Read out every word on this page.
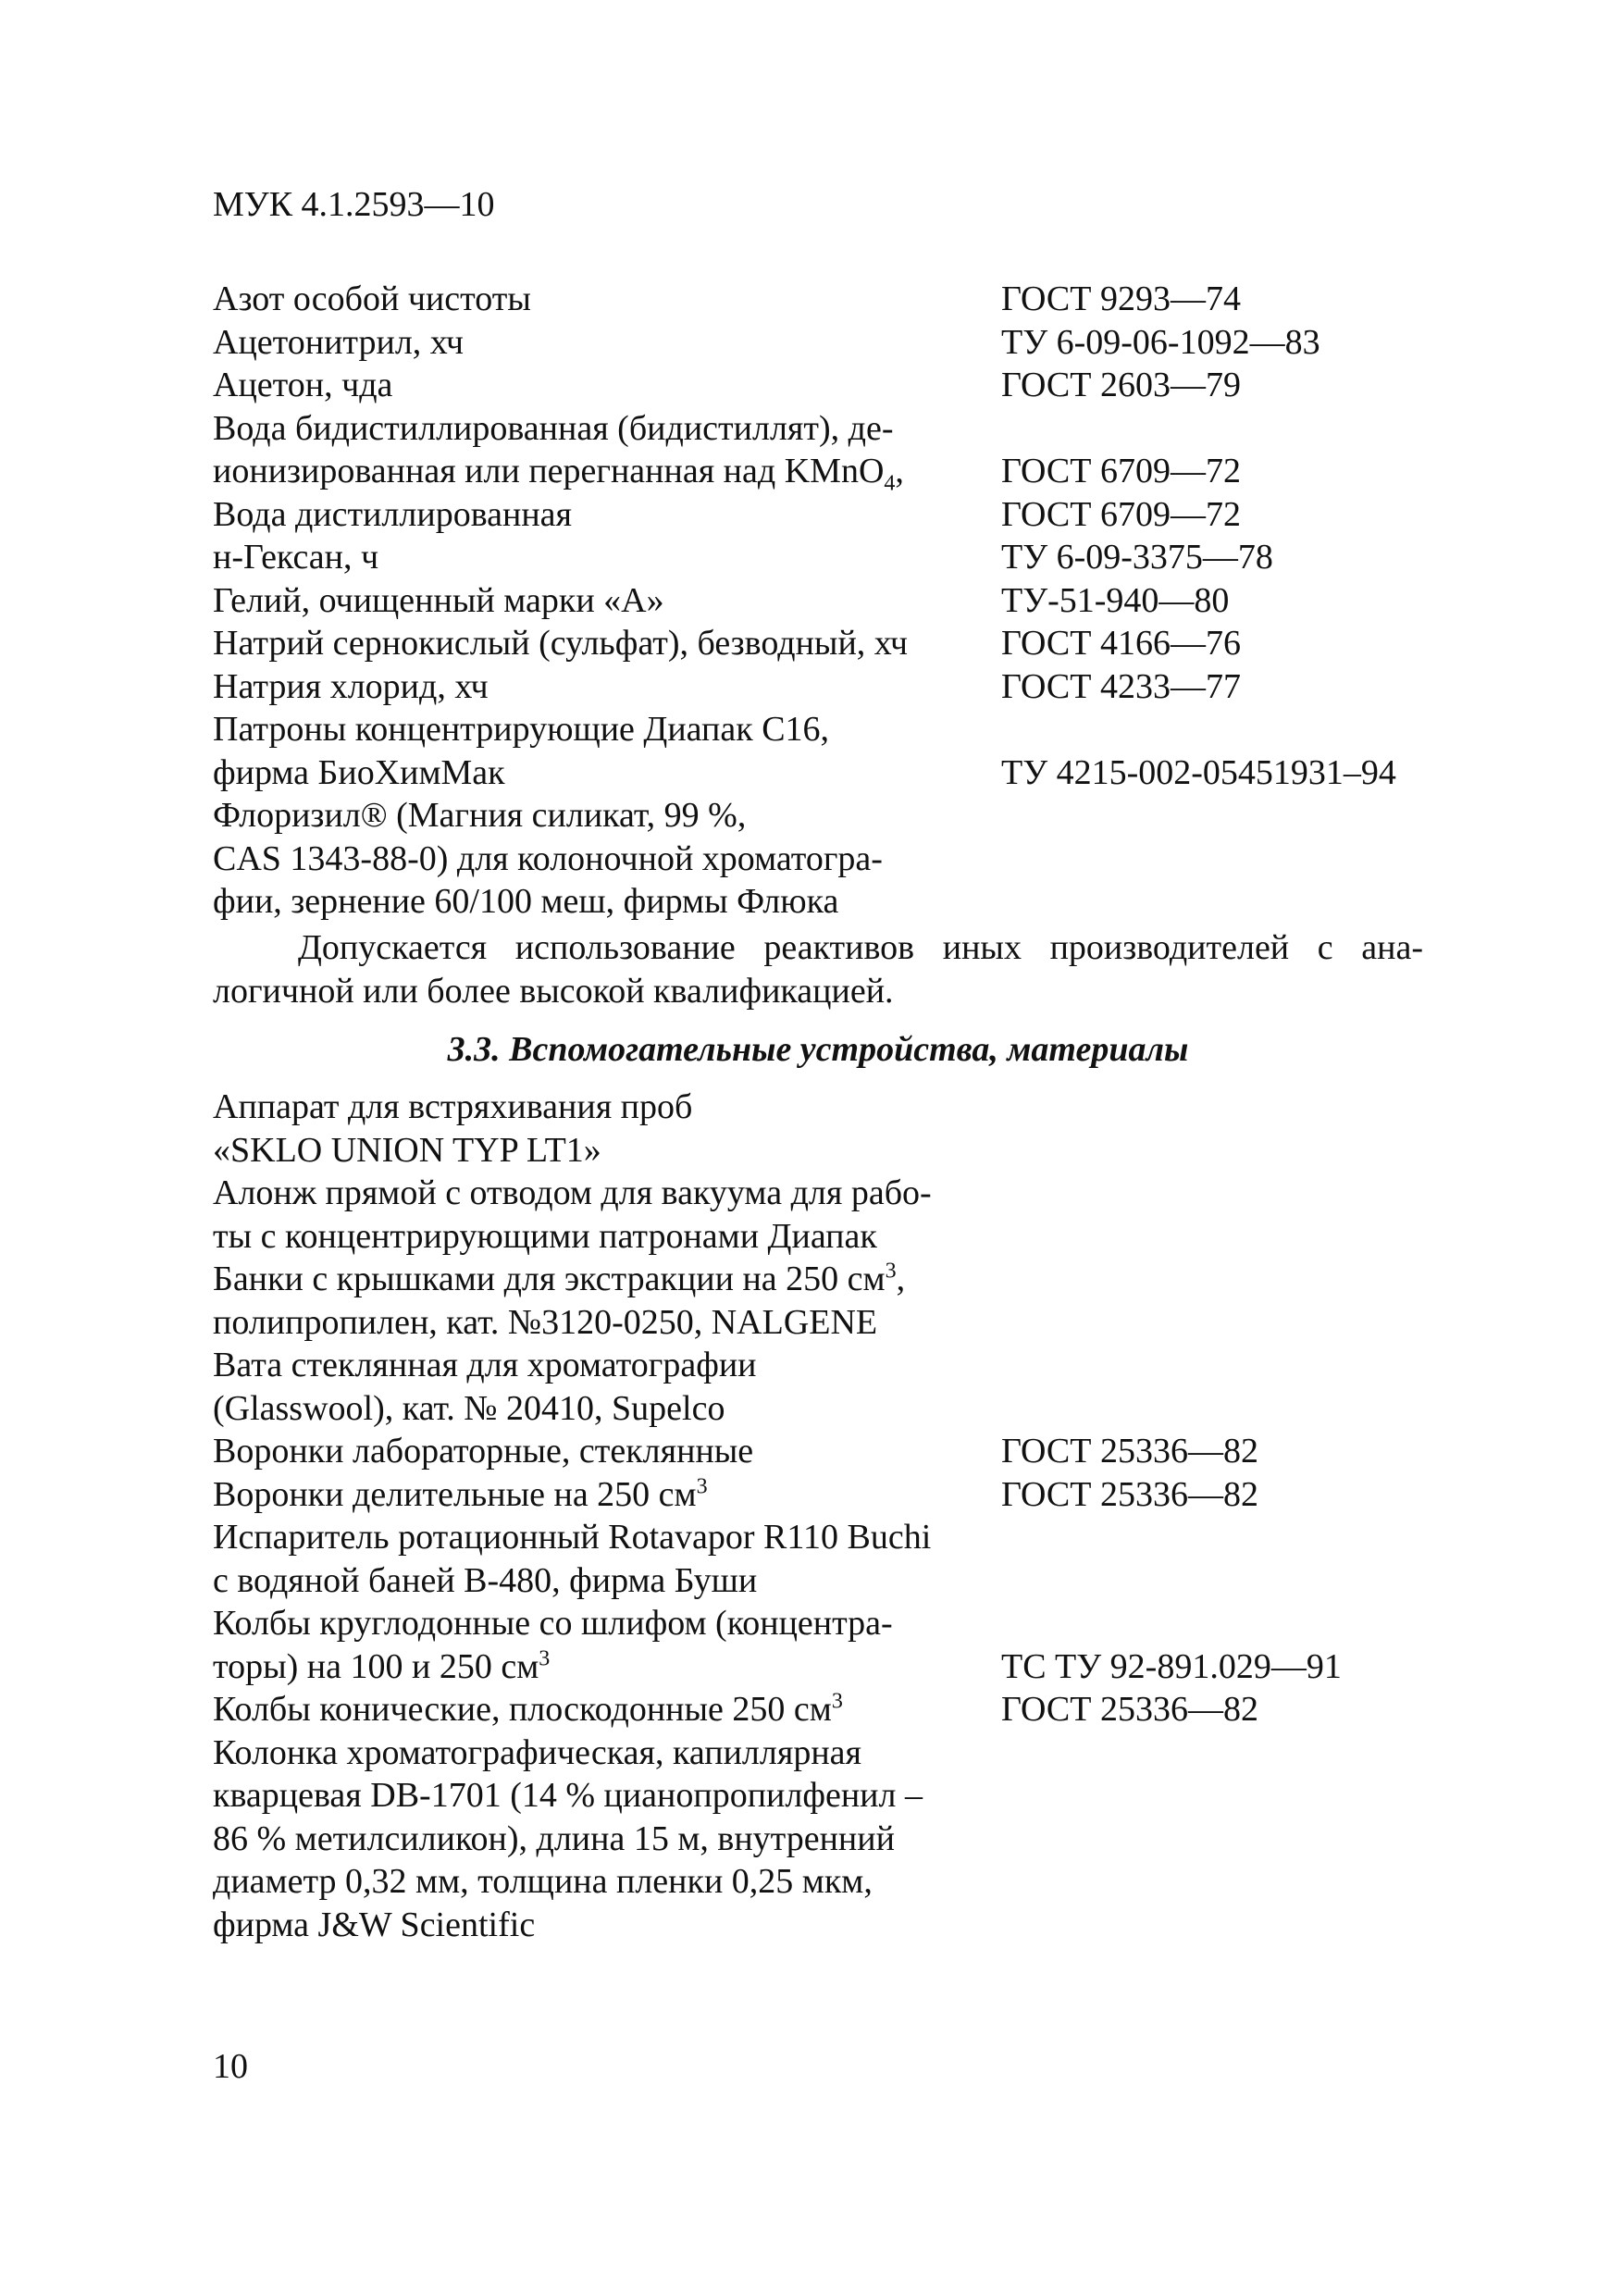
МУК 4.1.2593—10
Азот особой чистоты	ГОСТ 9293—74
Ацетонитрил, хч	ТУ 6-09-06-1092—83
Ацетон, чда	ГОСТ 2603—79
Вода бидистиллированная (бидистиллят), де-
ионизированная или перегнанная над KMnO$_4$,	ГОСТ 6709—72
Вода дистиллированная	ГОСТ 6709—72
н-Гексан, ч	ТУ 6-09-3375—78
Гелий, очищенный марки «А»	ТУ-51-940—80
Натрий сернокислый (сульфат), безводный, хч	ГОСТ 4166—76
Натрия хлорид, хч	ГОСТ 4233—77
Патроны концентрирующие Диапак С16,
фирма БиоХимМак	ТУ 4215-002-05451931–94
Флоризил® (Магния силикат, 99 %,
CAS 1343-88-0) для колоночной хроматогра-
фии, зернение 60/100 меш, фирмы Флюка
Допускается использование реактивов иных производителей с ана-
логичной или более высокой квалификацией.
3.3. Вспомогательные устройства, материалы
Аппарат для встряхивания проб
«SKLO UNION TYP LT1»
Алонж прямой с отводом для вакуума для рабо-
ты с концентрирующими патронами Диапак
Банки с крышками для экстракции на 250 $см^3$,
полипропилен, кат. №3120-0250, NALGENE
Вата стеклянная для хроматографии
(Glasswool), кат. № 20410, Supelco
Воронки лабораторные, стеклянные	ГОСТ 25336—82
Воронки делительные на 250 $см^3$	ГОСТ 25336—82
Испаритель ротационный Rotavapor R110 Buchi
с водяной баней В-480, фирма Буши
Колбы круглодонные со шлифом (концентра-
торы) на 100 и 250 $см^3$	ТС ТУ 92-891.029—91
Колбы конические, плоскодонные 250 $см^3$	ГОСТ 25336—82
Колонка хроматографическая, капиллярная
кварцевая DB-1701 (14 % цианопропилфенил –
86 % метилсиликон), длина 15 м, внутренний
диаметр 0,32 мм, толщина пленки 0,25 мкм,
фирма J&W Scientific
10
